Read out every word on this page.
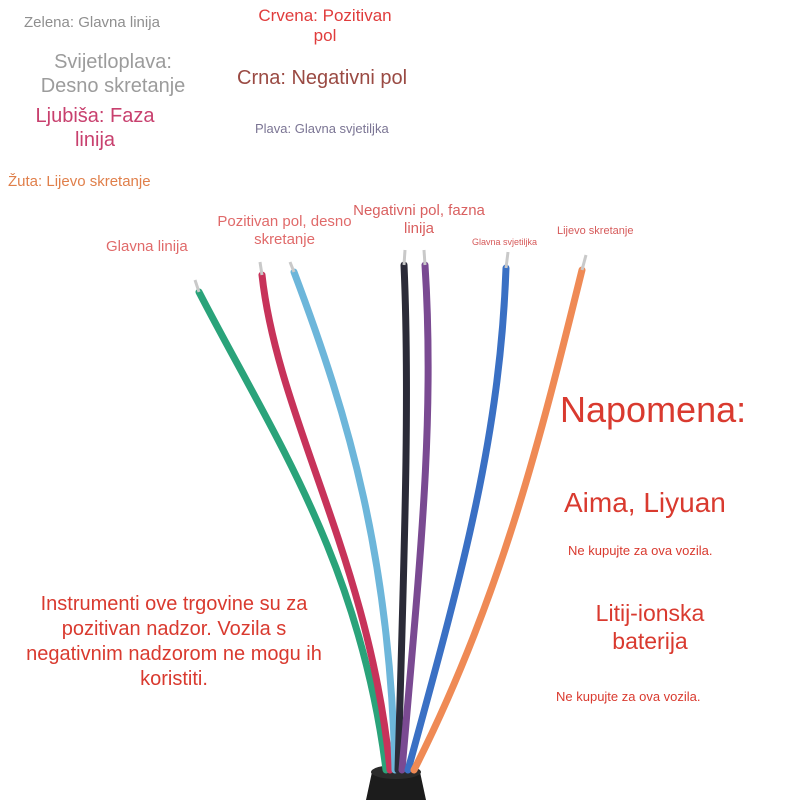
Zelena: Glavna linija

Svijetloplava: Desno skretanje

Ljubiša: Faza linija

Žuta: Lijevo skretanje

Crvena: Pozitivan pol

Crna: Negativni pol

Plava: Glavna svjetiljka

Glavna linija

Pozitivan pol, desno skretanje

Negativni pol, fazna linija

Glavna svjetiljka

Lijevo skretanje

Napomena:

Aima, Liyuan

Ne kupujte za ova vozila.

Litij-ionska baterija

Ne kupujte za ova vozila.

Instrumenti ove trgovine su za pozitivan nadzor. Vozila s negativnim nadzorom ne mogu ih koristiti.
